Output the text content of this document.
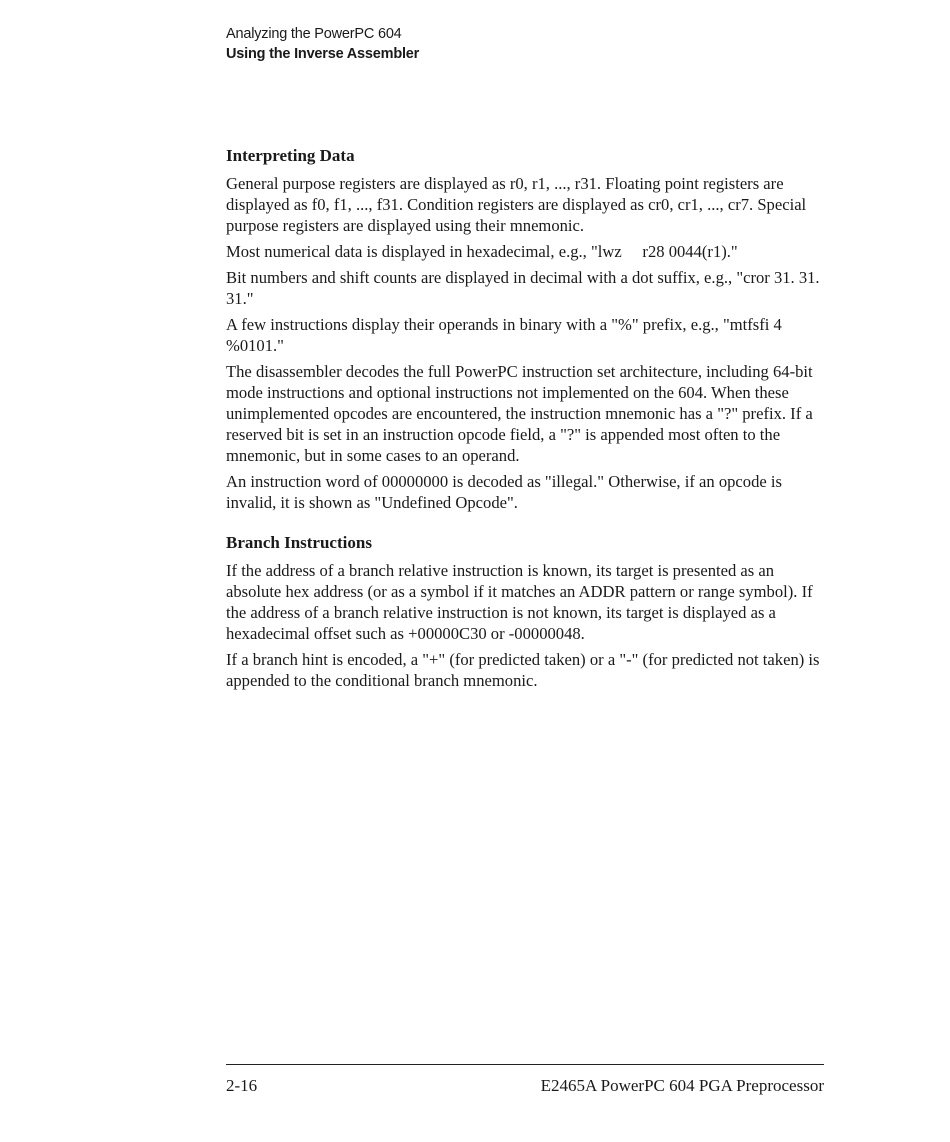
Analyzing the PowerPC 604
Using the Inverse Assembler
Interpreting Data

General purpose registers are displayed as r0, r1, ..., r31. Floating point registers are displayed as f0, f1, ..., f31. Condition registers are displayed as cr0, cr1, ..., cr7. Special purpose registers are displayed using their mnemonic.

Most numerical data is displayed in hexadecimal, e.g., "lwz     r28 0044(r1)."

Bit numbers and shift counts are displayed in decimal with a dot suffix, e.g., "cror 31. 31. 31."

A few instructions display their operands in binary with a "%" prefix, e.g., "mtfsfi 4 %0101."

The disassembler decodes the full PowerPC instruction set architecture, including 64-bit mode instructions and optional instructions not implemented on the 604. When these unimplemented opcodes are encountered, the instruction mnemonic has a "?" prefix. If a reserved bit is set in an instruction opcode field, a "?" is appended most often to the mnemonic, but in some cases to an operand.

An instruction word of 00000000 is decoded as "illegal." Otherwise, if an opcode is invalid, it is shown as "Undefined Opcode".

Branch Instructions

If the address of a branch relative instruction is known, its target is presented as an absolute hex address (or as a symbol if it matches an ADDR pattern or range symbol). If the address of a branch relative instruction is not known, its target is displayed as a hexadecimal offset such as +00000C30 or -00000048.

If a branch hint is encoded, a "+" (for predicted taken) or a "-" (for predicted not taken) is appended to the conditional branch mnemonic.

2-16	E2465A PowerPC 604 PGA Preprocessor
